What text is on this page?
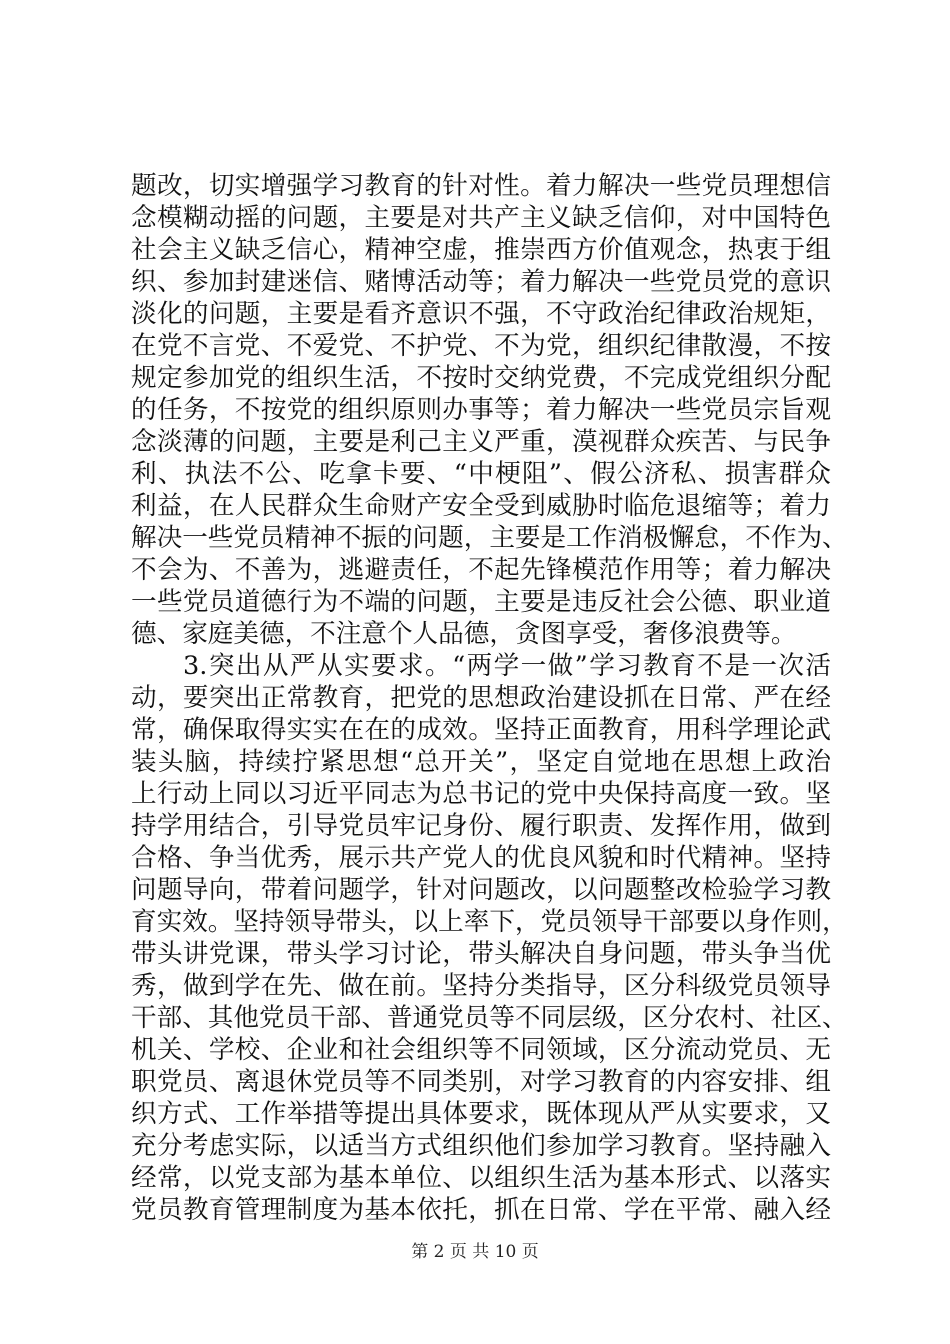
题改，切实增强学习教育的针对性。着力解决一些党员理想信
念模糊动摇的问题，主要是对共产主义缺乏信仰，对中国特色
社会主义缺乏信心，精神空虚，推崇西方价值观念，热衷于组
织、参加封建迷信、赌博活动等；着力解决一些党员党的意识
淡化的问题，主要是看齐意识不强，不守政治纪律政治规矩，
在党不言党、不爱党、不护党、不为党，组织纪律散漫，不按
规定参加党的组织生活，不按时交纳党费，不完成党组织分配
的任务，不按党的组织原则办事等；着力解决一些党员宗旨观
念淡薄的问题，主要是利己主义严重，漠视群众疾苦、与民争
利、执法不公、吃拿卡要、“中梗阻”、假公济私、损害群众
利益，在人民群众生命财产安全受到威胁时临危退缩等；着力
解决一些党员精神不振的问题，主要是工作消极懈怠，不作为、
不会为、不善为，逃避责任，不起先锋模范作用等；着力解决
一些党员道德行为不端的问题，主要是违反社会公德、职业道
德、家庭美德，不注意个人品德，贪图享受，奢侈浪费等。
3.突出从严从实要求。“两学一做”学习教育不是一次活
动，要突出正常教育，把党的思想政治建设抓在日常、严在经
常，确保取得实实在在的成效。坚持正面教育，用科学理论武
装头脑，持续拧紧思想“总开关”，坚定自觉地在思想上政治
上行动上同以习近平同志为总书记的党中央保持高度一致。坚
持学用结合，引导党员牢记身份、履行职责、发挥作用，做到
合格、争当优秀，展示共产党人的优良风貌和时代精神。坚持
问题导向，带着问题学，针对问题改，以问题整改检验学习教
育实效。坚持领导带头，以上率下，党员领导干部要以身作则，
带头讲党课，带头学习讨论，带头解决自身问题，带头争当优
秀，做到学在先、做在前。坚持分类指导，区分科级党员领导
干部、其他党员干部、普通党员等不同层级，区分农村、社区、
机关、学校、企业和社会组织等不同领域，区分流动党员、无
职党员、离退休党员等不同类别，对学习教育的内容安排、组
织方式、工作举措等提出具体要求，既体现从严从实要求，又
充分考虑实际，以适当方式组织他们参加学习教育。坚持融入
经常，以党支部为基本单位、以组织生活为基本形式、以落实
党员教育管理制度为基本依托，抓在日常、学在平常、融入经
第 2 页 共 10 页
